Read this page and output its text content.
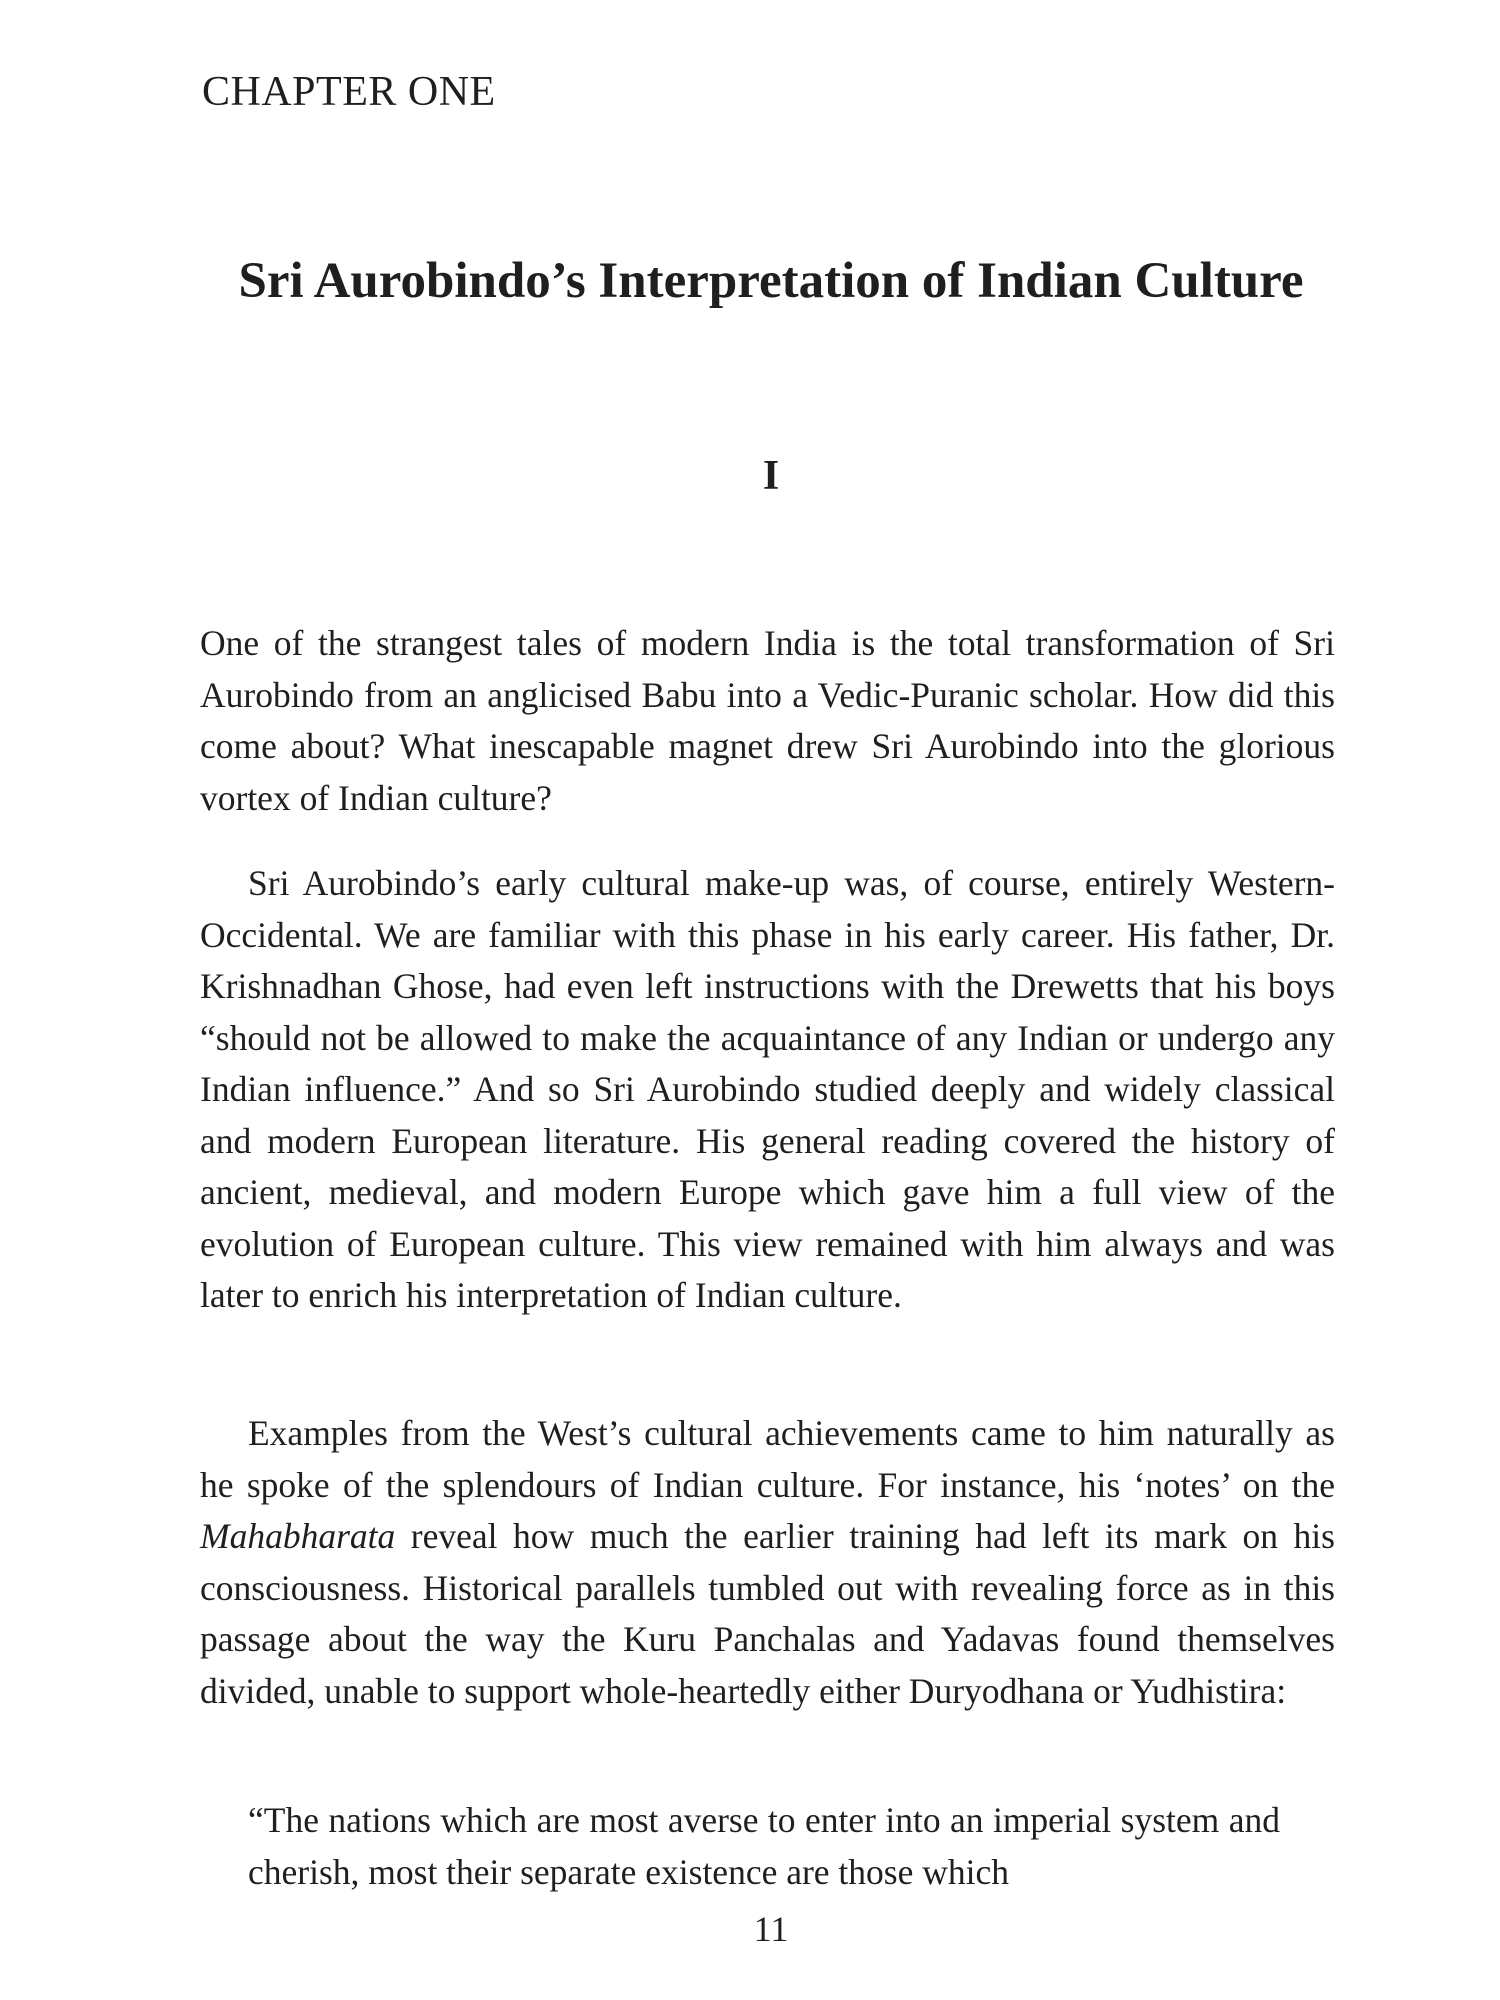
CHAPTER ONE
Sri Aurobindo’s Interpretation of Indian Culture
I

One of the strangest tales of modern India is the total transformation of Sri Aurobindo from an anglicised Babu into a Vedic-Puranic scholar. How did this come about? What inescapable magnet drew Sri Aurobindo into the glorious vortex of Indian culture?

Sri Aurobindo’s early cultural make-up was, of course, entirely Western-Occidental. We are familiar with this phase in his early career. His father, Dr. Krishnadhan Ghose, had even left instructions with the Drewetts that his boys “should not be allowed to make the acquaintance of any Indian or undergo any Indian influence.” And so Sri Aurobindo studied deeply and widely classical and modern European literature. His general reading covered the history of ancient, medieval, and modern Europe which gave him a full view of the evolution of European culture. This view remained with him always and was later to enrich his interpretation of Indian culture.

Examples from the West’s cultural achievements came to him naturally as he spoke of the splendours of Indian culture. For instance, his ‘notes’ on the Mahabharata reveal how much the earlier training had left its mark on his consciousness. Historical parallels tumbled out with revealing force as in this passage about the way the Kuru Panchalas and Yadavas found themselves divided, unable to support whole-heartedly either Duryodhana or Yudhistira:

“The nations which are most averse to enter into an imperial system and cherish, most their separate existence are those which

11
